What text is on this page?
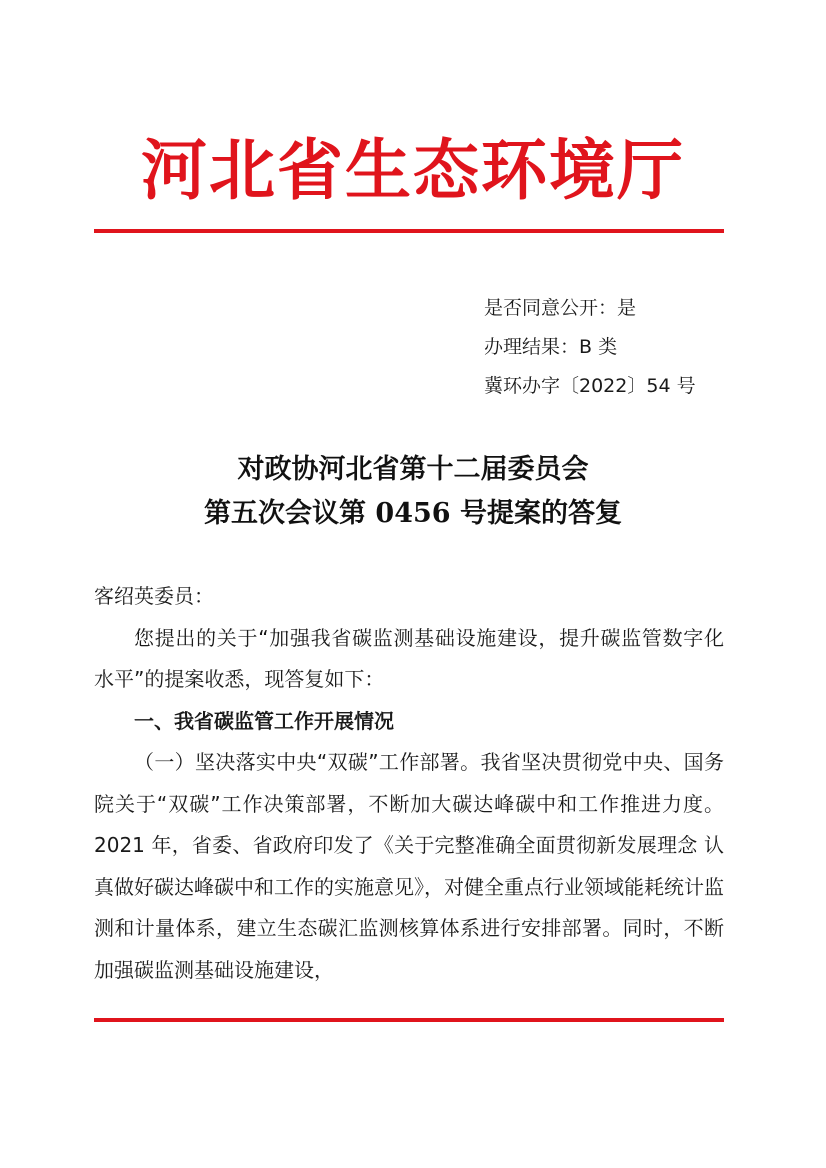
河北省生态环境厅
是否同意公开：是
办理结果：B 类
冀环办字〔2022〕54 号
对政协河北省第十二届委员会
第五次会议第 0456 号提案的答复

客绍英委员：

您提出的关于“加强我省碳监测基础设施建设，提升碳监管数字化水平”的提案收悉，现答复如下：

一、我省碳监管工作开展情况

（一）坚决落实中央“双碳”工作部署。我省坚决贯彻党中央、国务院关于“双碳”工作决策部署，不断加大碳达峰碳中和工作推进力度。2021 年，省委、省政府印发了《关于完整准确全面贯彻新发展理念 认真做好碳达峰碳中和工作的实施意见》，对健全重点行业领域能耗统计监测和计量体系，建立生态碳汇监测核算体系进行安排部署。同时，不断加强碳监测基础设施建设，
